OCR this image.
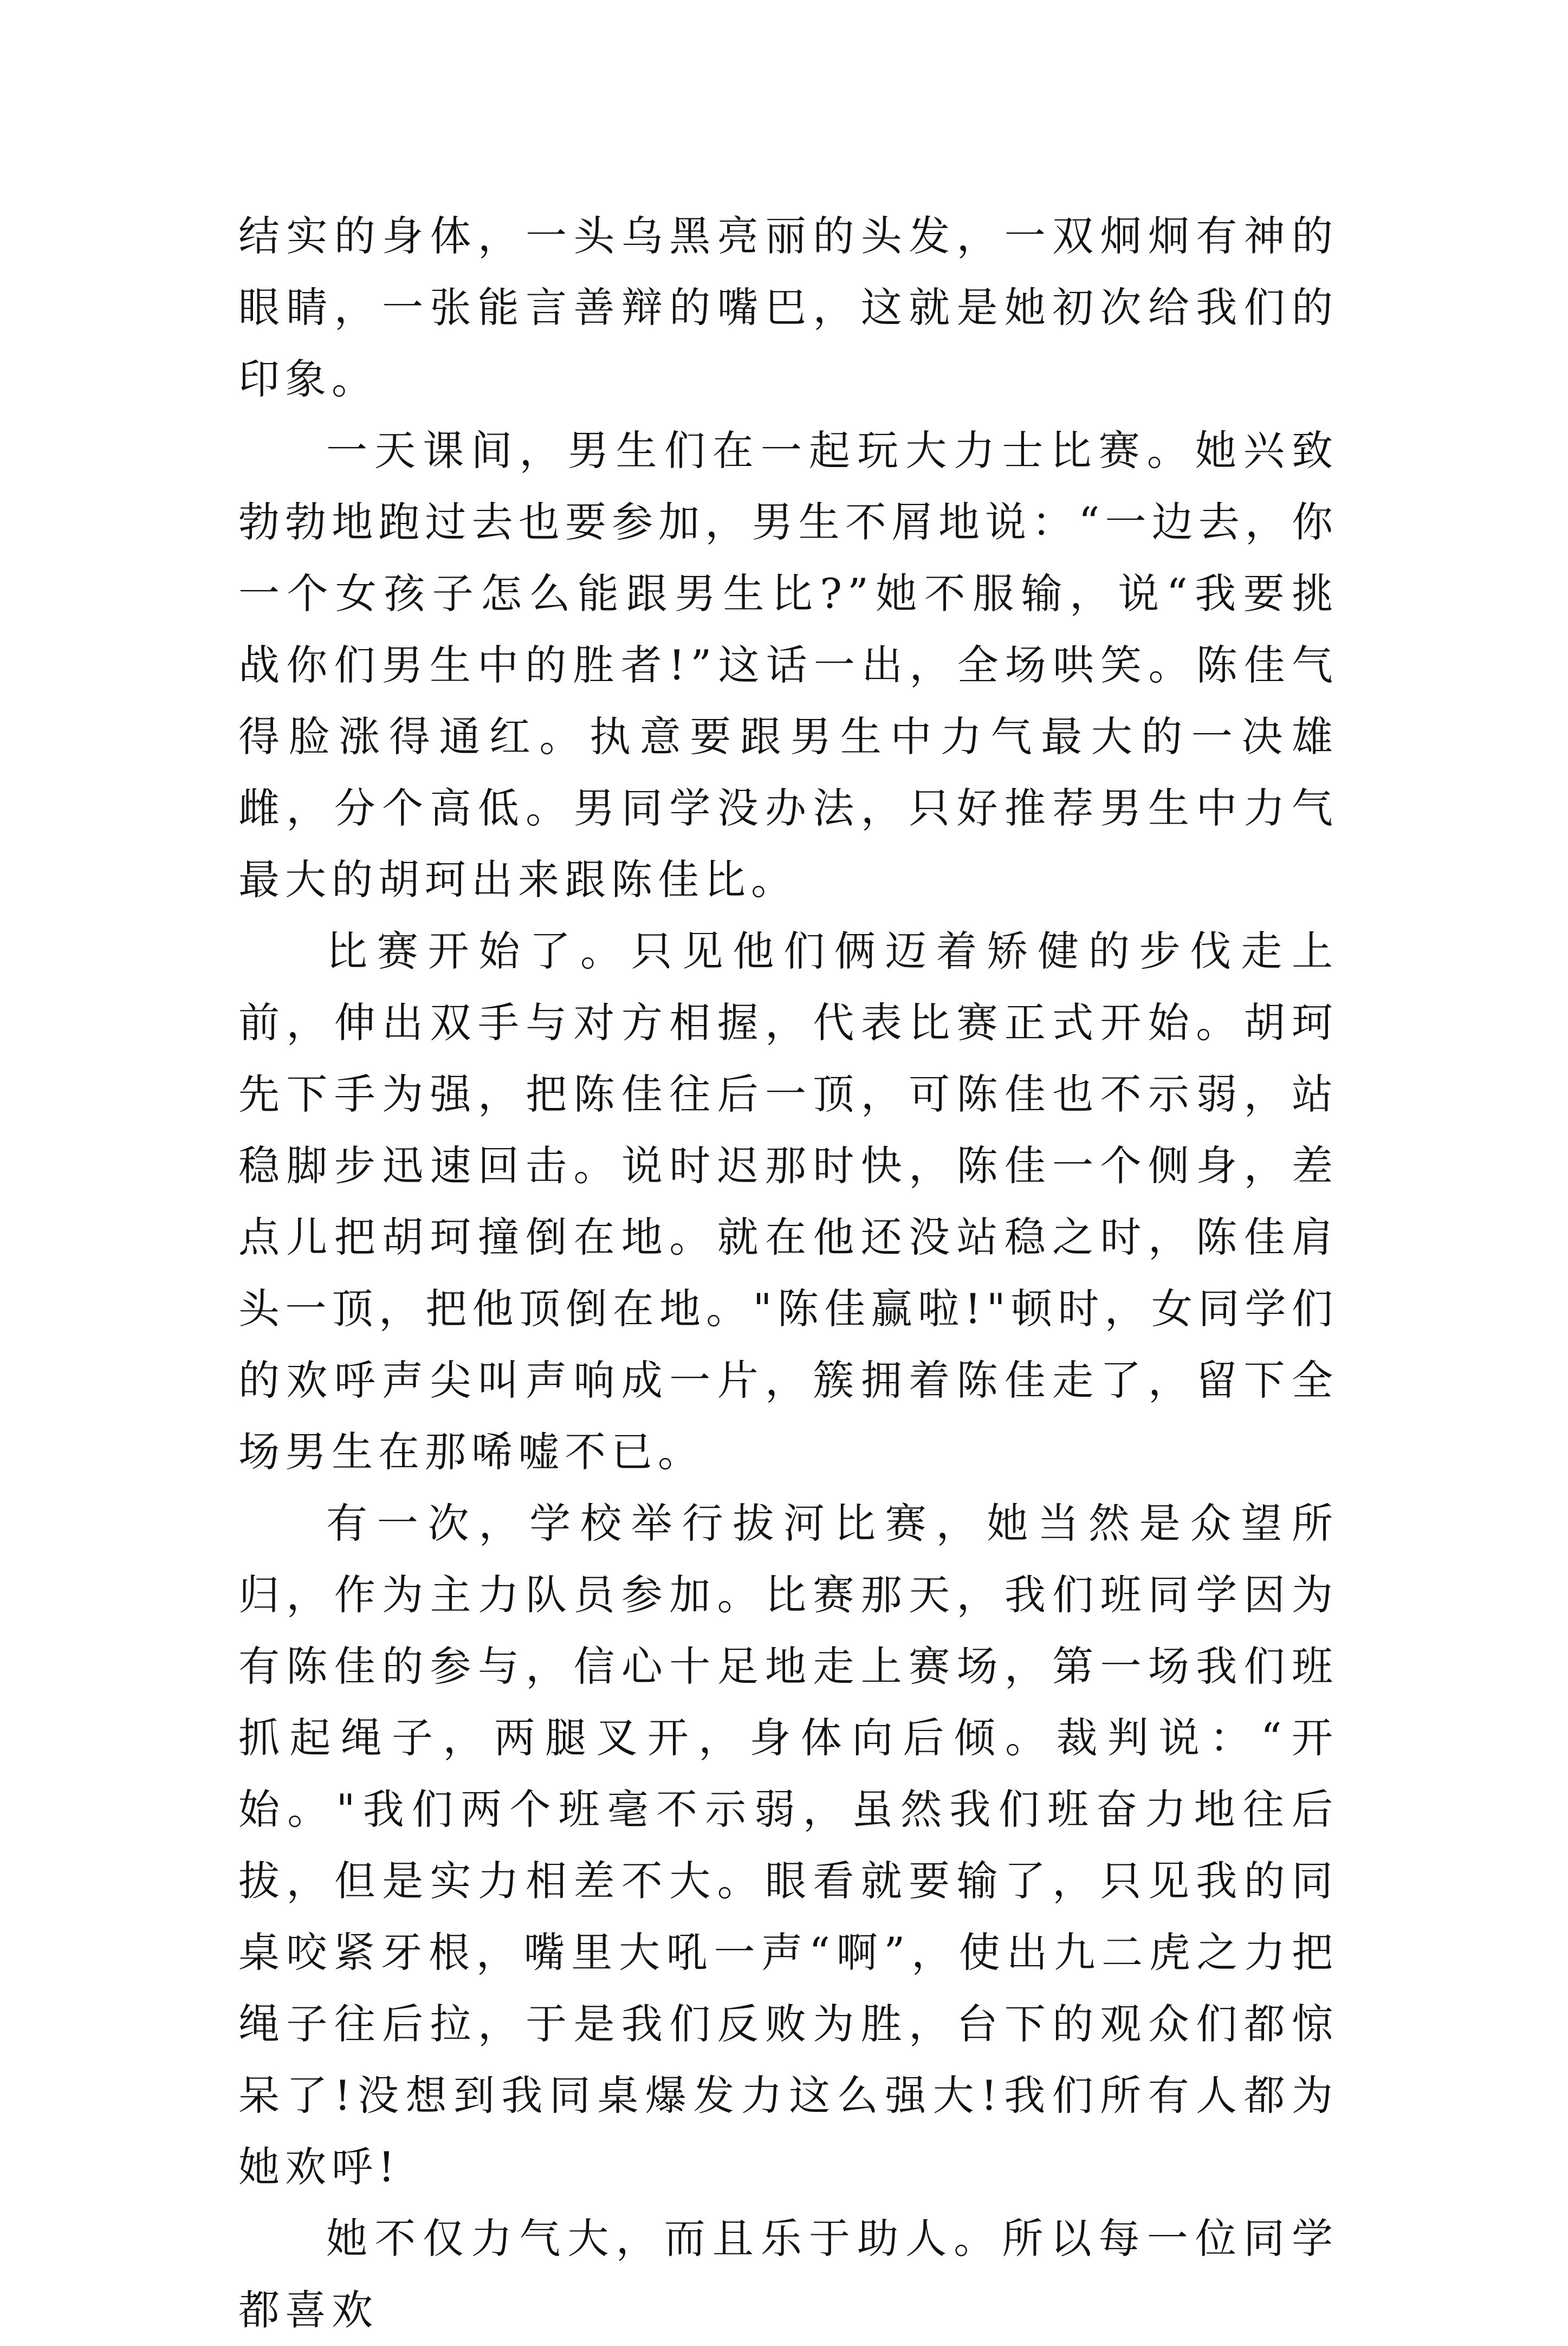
结实的身体，一头乌黑亮丽的头发，一双炯炯有神的眼睛，一张能言善辩的嘴巴，这就是她初次给我们的印象。

一天课间，男生们在一起玩大力士比赛。她兴致勃勃地跑过去也要参加，男生不屑地说：“一边去，你一个女孩子怎么能跟男生比?”她不服输，说“我要挑战你们男生中的胜者!”这话一出，全场哄笑。陈佳气得脸涨得通红。执意要跟男生中力气最大的一决雄雌，分个高低。男同学没办法，只好推荐男生中力气最大的胡珂出来跟陈佳比。

比赛开始了。只见他们俩迈着矫健的步伐走上前，伸出双手与对方相握，代表比赛正式开始。胡珂先下手为强，把陈佳往后一顶，可陈佳也不示弱，站稳脚步迅速回击。说时迟那时快，陈佳一个侧身，差点儿把胡珂撞倒在地。就在他还没站稳之时，陈佳肩头一顶，把他顶倒在地。"陈佳赢啦!"顿时，女同学们的欢呼声尖叫声响成一片，簇拥着陈佳走了，留下全场男生在那唏嘘不已。

有一次，学校举行拔河比赛，她当然是众望所归，作为主力队员参加。比赛那天，我们班同学因为有陈佳的参与，信心十足地走上赛场，第一场我们班抓起绳子，两腿叉开，身体向后倾。裁判说：“开始。"我们两个班毫不示弱，虽然我们班奋力地往后拔，但是实力相差不大。眼看就要输了，只见我的同桌咬紧牙根，嘴里大吼一声“啊”，使出九二虎之力把绳子往后拉，于是我们反败为胜，台下的观众们都惊呆了!没想到我同桌爆发力这么强大!我们所有人都为她欢呼!

她不仅力气大，而且乐于助人。所以每一位同学都喜欢
